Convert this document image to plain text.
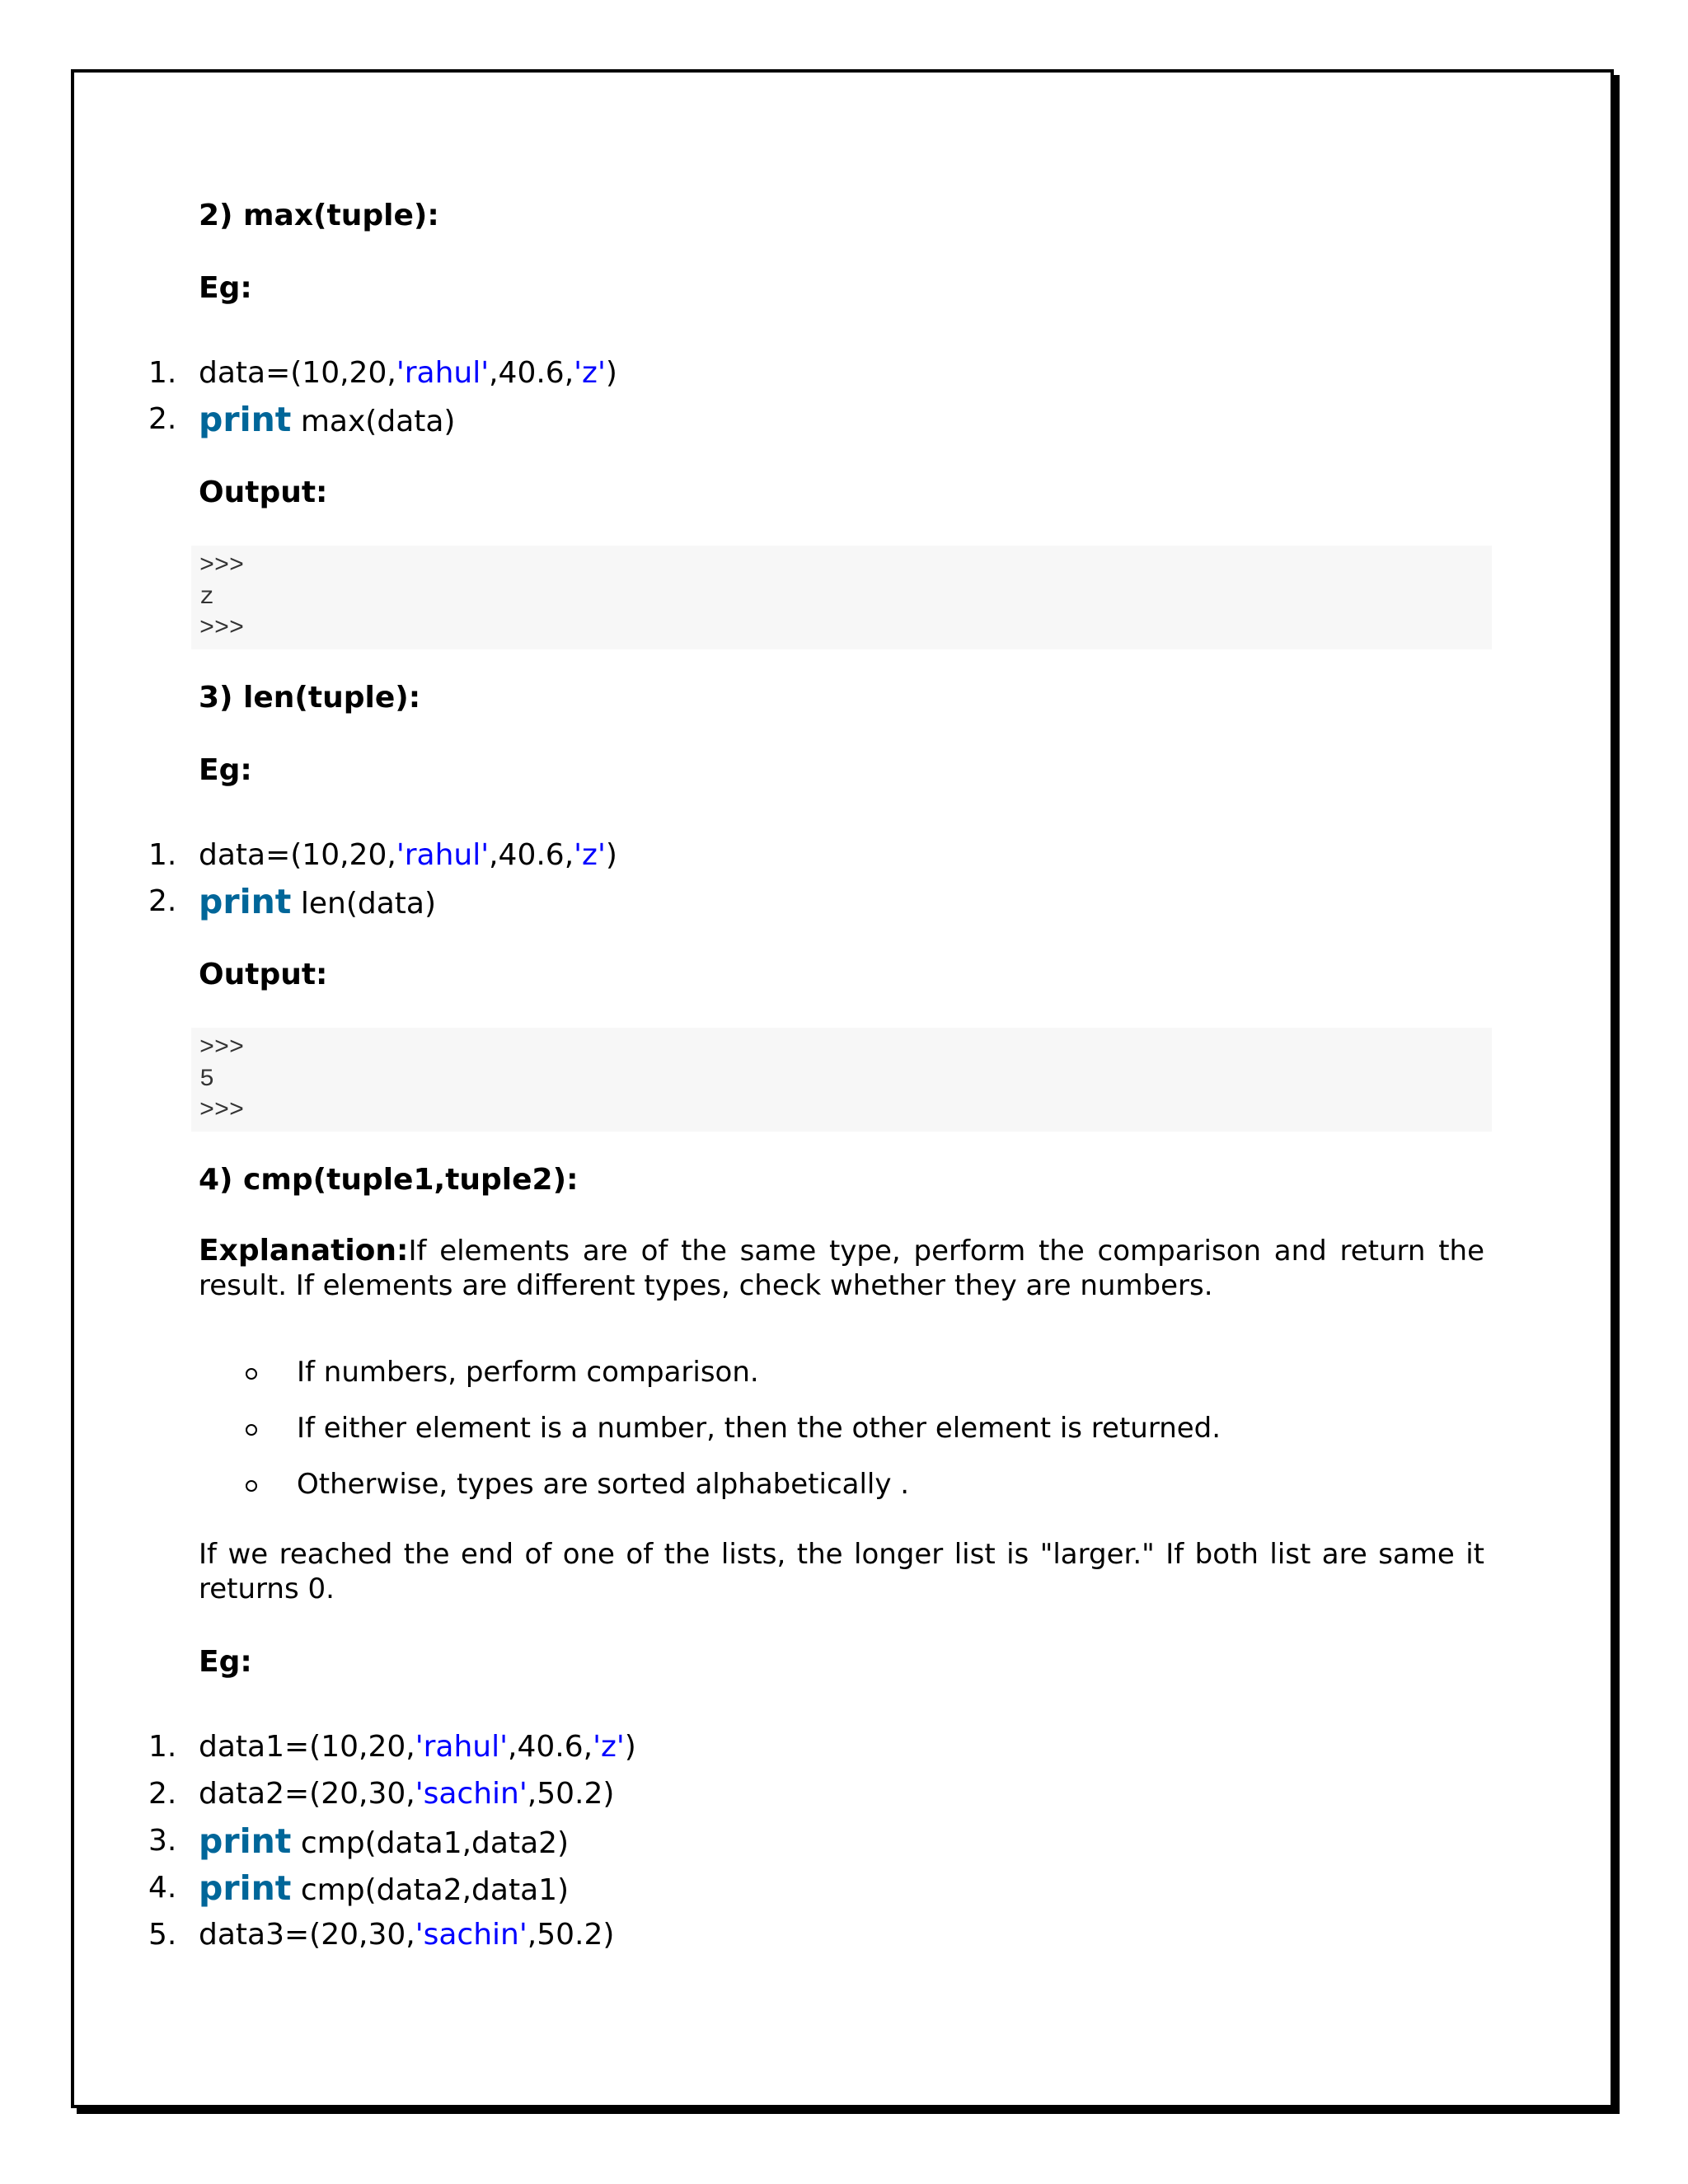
2) max(tuple):
Eg:
1. data=(10,20,'rahul',40.6,'z')
2. print max(data)
Output:
>>>
z
>>>
3) len(tuple):
Eg:
1. data=(10,20,'rahul',40.6,'z')
2. print len(data)
Output:
>>>
5
>>>
4) cmp(tuple1,tuple2):
Explanation:If elements are of the same type, perform the comparison and return the result. If elements are different types, check whether they are numbers.
If numbers, perform comparison.
If either element is a number, then the other element is returned.
Otherwise, types are sorted alphabetically .
If we reached the end of one of the lists, the longer list is "larger." If both list are same it returns 0.
Eg:
1. data1=(10,20,'rahul',40.6,'z')
2. data2=(20,30,'sachin',50.2)
3. print cmp(data1,data2)
4. print cmp(data2,data1)
5. data3=(20,30,'sachin',50.2)
